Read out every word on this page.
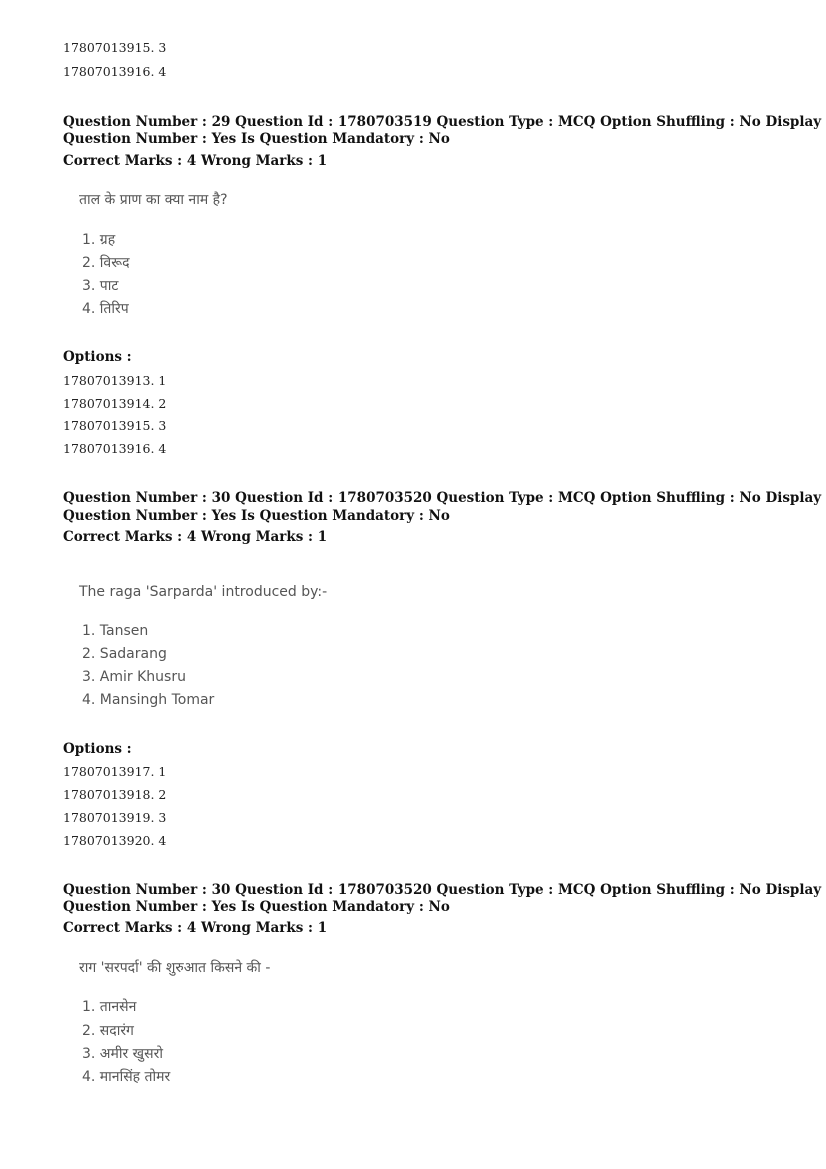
17807013915. 3
17807013916. 4
Question Number : 29 Question Id : 1780703519 Question Type : MCQ Option Shuffling : No Display
Question Number : Yes Is Question Mandatory : No
Correct Marks : 4 Wrong Marks : 1
ताल के प्राण का क्या नाम है?
1. ग्रह
2. विरूद
3. पाट
4. तिरिप
Options :
17807013913. 1
17807013914. 2
17807013915. 3
17807013916. 4
Question Number : 30 Question Id : 1780703520 Question Type : MCQ Option Shuffling : No Display
Question Number : Yes Is Question Mandatory : No
Correct Marks : 4 Wrong Marks : 1
The raga 'Sarparda' introduced by:-
1. Tansen
2. Sadarang
3. Amir Khusru
4. Mansingh Tomar
Options :
17807013917. 1
17807013918. 2
17807013919. 3
17807013920. 4
Question Number : 30 Question Id : 1780703520 Question Type : MCQ Option Shuffling : No Display
Question Number : Yes Is Question Mandatory : No
Correct Marks : 4 Wrong Marks : 1
राग 'सरपर्दा' की शुरुआत किसने की -
1. तानसेन
2. सदारंग
3. अमीर खुसरो
4. मानसिंह तोमर
